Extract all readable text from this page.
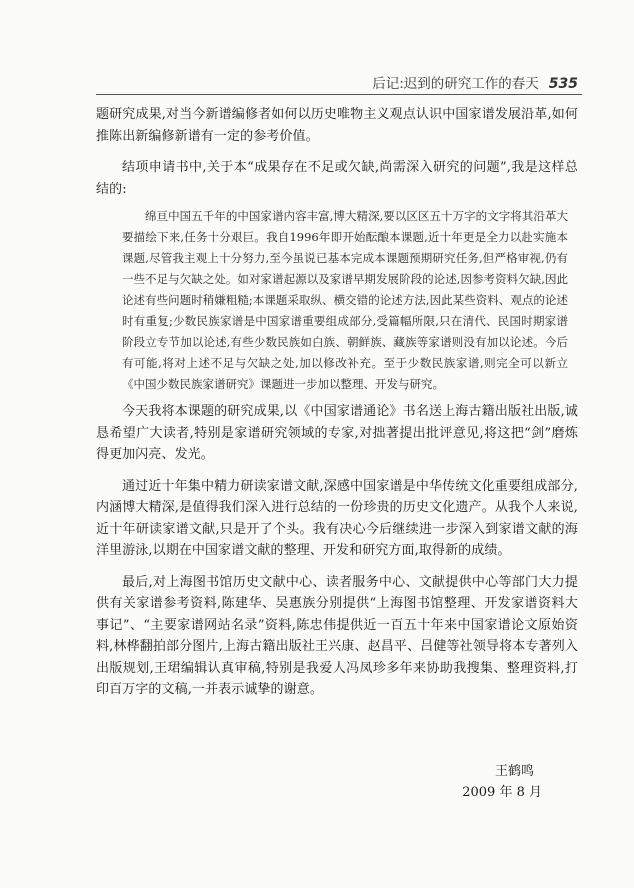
后记:迟到的研究工作的春天 535

题研究成果,对当今新谱编修者如何以历史唯物主义观点认识中国家谱发展沿革,如何推陈出新编修新谱有一定的参考价值。

结项申请书中,关于本“成果存在不足或欠缺,尚需深入研究的问题”,我是这样总结的:

绵亘中国五千年的中国家谱内容丰富,博大精深,要以区区五十万字的文字将其沿革大要描绘下来,任务十分艰巨。我自1996年即开始酝酿本课题,近十年更是全力以赴实施本课题,尽管我主观上十分努力,至今虽说已基本完成本课题预期研究任务,但严格审视,仍有一些不足与欠缺之处。如对家谱起源以及家谱早期发展阶段的论述,因参考资料欠缺,因此论述有些问题时稍嫌粗糙;本课题采取纵、横交错的论述方法,因此某些资料、观点的论述时有重复;少数民族家谱是中国家谱重要组成部分,受篇幅所限,只在清代、民国时期家谱阶段立专节加以论述,有些少数民族如白族、朝鲜族、藏族等家谱则没有加以论述。今后有可能,将对上述不足与欠缺之处,加以修改补充。至于少数民族家谱,则完全可以新立《中国少数民族家谱研究》课题进一步加以整理、开发与研究。

今天我将本课题的研究成果,以《中国家谱通论》书名送上海古籍出版社出版,诚恳希望广大读者,特别是家谱研究领域的专家,对拙著提出批评意见,将这把“剑”磨炼得更加闪亮、发光。

通过近十年集中精力研读家谱文献,深感中国家谱是中华传统文化重要组成部分,内涵博大精深,是值得我们深入进行总结的一份珍贵的历史文化遗产。从我个人来说,近十年研读家谱文献,只是开了个头。我有决心今后继续进一步深入到家谱文献的海洋里游泳,以期在中国家谱文献的整理、开发和研究方面,取得新的成绩。

最后,对上海图书馆历史文献中心、读者服务中心、文献提供中心等部门大力提供有关家谱参考资料,陈建华、吴惠族分别提供“上海图书馆整理、开发家谱资料大事记”、“主要家谱网站名录”资料,陈忠伟提供近一百五十年来中国家谱论文原始资料,林桦翻拍部分图片,上海古籍出版社王兴康、赵昌平、吕健等社领导将本专著列入出版规划,王珺编辑认真审稿,特别是我爱人冯凤珍多年来协助我搜集、整理资料,打印百万字的文稿,一并表示诚挚的谢意。

王鹤鸣
2009 年 8 月
